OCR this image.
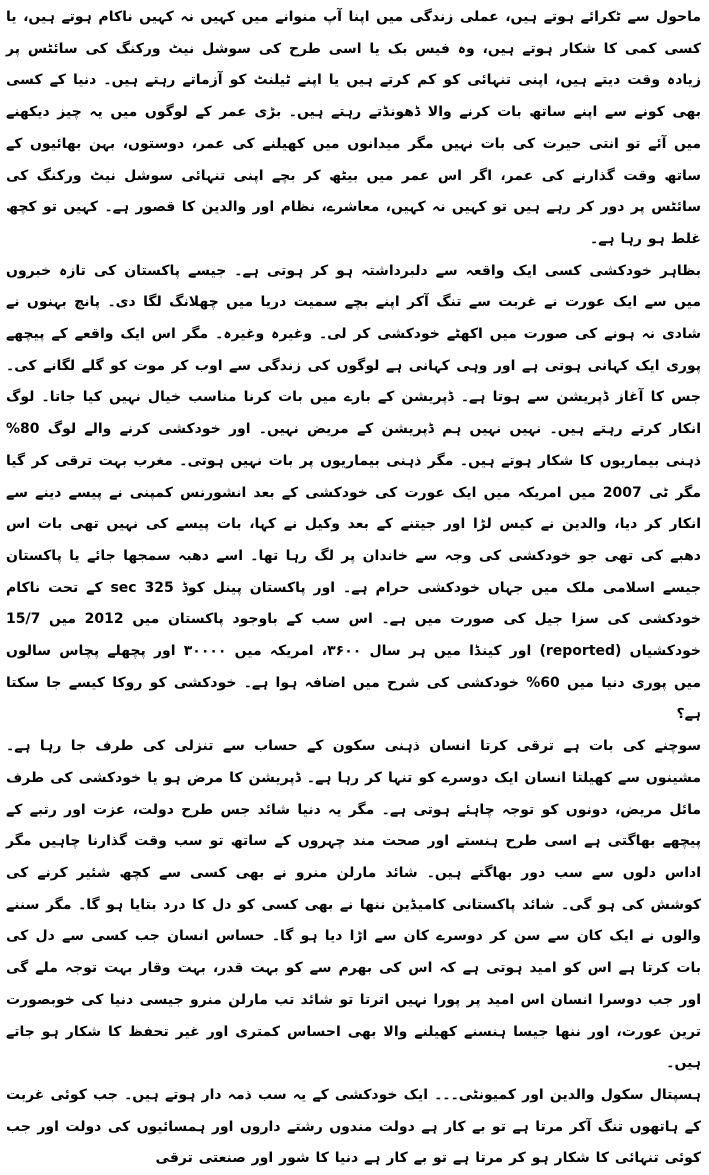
ماحول سے ٹکرائے ہوتے ہیں، عملی زندگی میں اپنا آپ منوانے میں کہیں نہ کہیں ناکام ہوتے ہیں، یا کسی کمی کا شکار ہوتے ہیں، وہ فیس بک یا اسی طرح کی سوشل نیٹ ورکنگ کی سائٹس پر زیادہ وقت دیتے ہیں، اپنی تنہائی کو کم کرتے ہیں یا اپنے ٹیلنٹ کو آزماتے رہتے ہیں۔ دنیا کے کسی بھی کونے سے اپنے ساتھ بات کرنے والا ڈھونڈتے رہتے ہیں۔ بڑی عمر کے لوگوں میں یہ چیز دیکھنے میں آئے تو انتی حیرت کی بات نہیں مگر میدانوں میں کھیلنے کی عمر، دوستوں، بہن بھائیوں کے ساتھ وقت گذارنے کی عمر، اگر اس عمر میں بیٹھ کر بچے اپنی تنہائی سوشل نیٹ ورکنگ کی سائٹس پر دور کر رہے ہیں تو کہیں نہ کہیں، معاشرے، نظام اور والدین کا قصور ہے۔ کہیں تو کچھ غلط ہو رہا ہے۔

بظاہر خودکشی کسی ایک واقعہ سے دلبرداشتہ ہو کر ہوتی ہے۔ جیسے پاکستان کی تازہ خبروں میں سے ایک عورت نے غربت سے تنگ آکر اپنے بچے سمیت دریا میں چھلانگ لگا دی۔ پانچ بہنوں نے شادی نہ ہونے کی صورت میں اکھٹے خودکشی کر لی۔ وغیرہ وغیرہ۔ مگر اس ایک واقعے کے پیچھے پوری ایک کہانی ہوتی ہے اور وہی کہانی ہے لوگوں کی زندگی سے اوب کر موت کو گلے لگانے کی۔ جس کا آغاز ڈپریشن سے ہوتا ہے۔ ڈپریشن کے بارے میں بات کرنا مناسب خیال نہیں کیا جاتا۔ لوگ انکار کرتے رہتے ہیں۔ نہیں نہیں ہم ڈپریشن کے مریض نہیں۔ اور خودکشی کرنے والے لوگ 80% ذہنی بیماریوں کا شکار ہوتے ہیں۔ مگر ذہنی بیماریوں پر بات نہیں ہوتی۔ مغرب بہت ترقی کر گیا مگر ٹی 2007 میں امریکہ میں ایک عورت کی خودکشی کے بعد انشورنس کمپنی نے پیسے دینے سے انکار کر دیا، والدین نے کیس لڑا اور جیتنے کے بعد وکیل نے کہا، بات پیسے کی نہیں تھی بات اس دھبے کی تھی جو خودکشی کی وجہ سے خاندان پر لگ رہا تھا۔ اسے دھبہ سمجھا جائے یا پاکستان جیسے اسلامی ملک میں جہاں خودکشی حرام ہے۔ اور پاکستان پینل کوڈ sec 325 کے تحت ناکام خودکشی کی سزا جیل کی صورت میں ہے۔ اس سب کے باوجود پاکستان میں 2012 میں 15/7 خودکشیاں (reported) اور کینڈا میں ہر سال ۳۶۰۰، امریکہ میں ۳۰۰۰۰ اور پچھلے پچاس سالوں میں پوری دنیا میں 60% خودکشی کی شرح میں اضافہ ہوا ہے۔ خودکشی کو روکا کیسے جا سکتا ہے؟

سوچنے کی بات ہے ترقی کرتا انسان ذہنی سکون کے حساب سے تنزلی کی طرف جا رہا ہے۔ مشینوں سے کھیلتا انسان ایک دوسرے کو تنہا کر رہا ہے۔ ڈپریشن کا مرض ہو یا خودکشی کی طرف مائل مریض، دونوں کو توجہ چاہئے ہوتی ہے۔ مگر یہ دنیا شائد جس طرح دولت، عزت اور رتبے کے پیچھے بھاگتی ہے اسی طرح ہنستے اور صحت مند چہروں کے ساتھ تو سب وقت گذارنا چاہیں مگر اداس دلوں سے سب دور بھاگتے ہیں۔ شائد مارلن منرو نے بھی کسی سے کچھ شئیر کرنے کی کوشش کی ہو گی۔ شائد پاکستانی کامیڈین ننھا نے بھی کسی کو دل کا درد بتایا ہو گا۔ مگر سننے والوں نے ایک کان سے سن کر دوسرے کان سے اڑا دیا ہو گا۔ حساس انسان جب کسی سے دل کی بات کرتا ہے اس کو امید ہوتی ہے کہ اس کی بھرم سے کو بہت قدر، بہت وقار بہت توجہ ملے گی اور جب دوسرا انسان اس امید پر پورا نہیں اترتا تو شائد تب مارلن منرو جیسی دنیا کی خوبصورت ترین عورت، اور ننھا جیسا ہنسنے کھیلنے والا بھی احساس کمتری اور غیر تحفظ کا شکار ہو جاتے ہیں۔

ہسپتال سکول والدین اور کمیونٹی۔۔۔ ایک خودکشی کے یہ سب ذمہ دار ہوتے ہیں۔ جب کوئی غربت کے ہاتھوں تنگ آکر مرتا ہے تو بے کار ہے دولت مندوں رشتے داروں اور ہمسائیوں کی دولت اور جب کوئی تنہائی کا شکار ہو کر مرتا ہے تو بے کار ہے دنیا کا شور اور صنعتی ترقی
